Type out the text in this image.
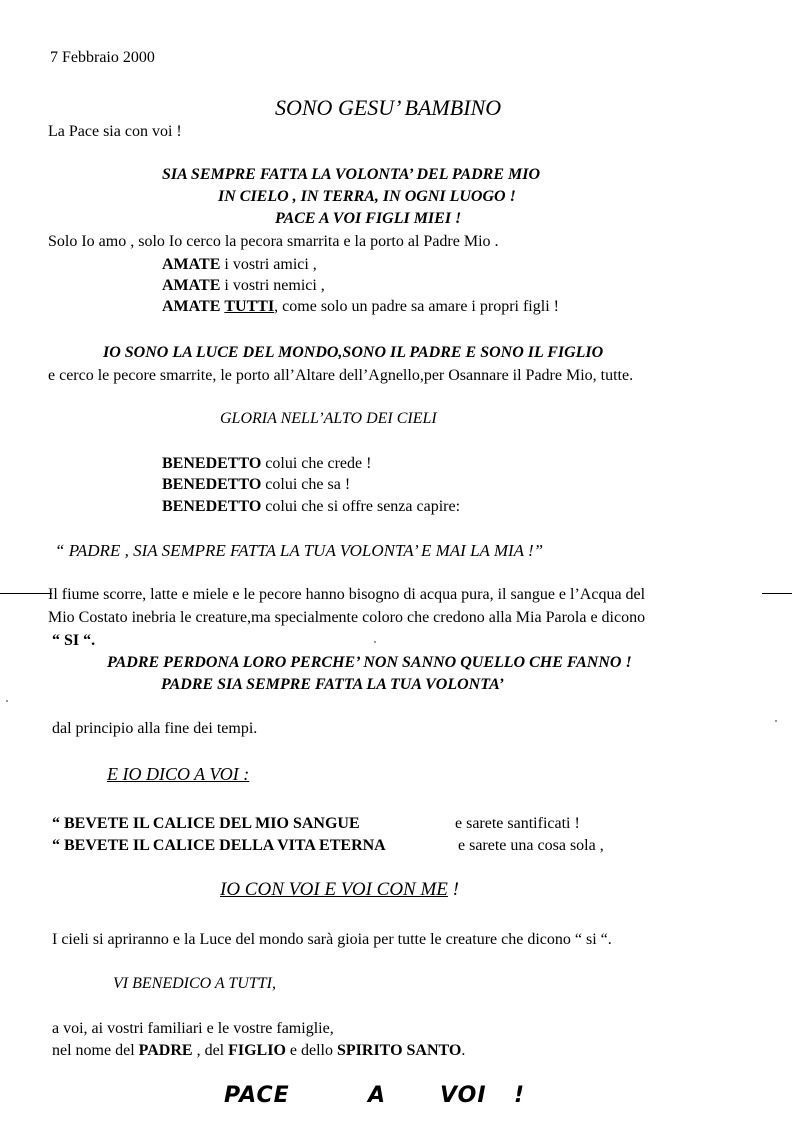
7 Febbraio 2000
SONO GESU’ BAMBINO
La Pace sia con voi !
SIA SEMPRE FATTA LA VOLONTA’ DEL PADRE MIO
IN CIELO , IN TERRA, IN OGNI LUOGO !
PACE A VOI FIGLI MIEI !
Solo Io amo , solo Io cerco la pecora smarrita e la porto al Padre Mio .
AMATE i vostri amici ,
AMATE i vostri nemici ,
AMATE TUTTI, come solo un padre sa amare i propri figli !
IO SONO LA LUCE DEL MONDO,SONO IL PADRE E SONO IL FIGLIO
e cerco le pecore smarrite, le porto all’Altare dell’Agnello,per Osannare il Padre Mio, tutte.
GLORIA NELL’ALTO DEI CIELI
BENEDETTO colui che crede !
BENEDETTO colui che sa !
BENEDETTO colui che si offre senza capire:
“ PADRE , SIA SEMPRE FATTA LA TUA VOLONTA’ E MAI LA MIA !”
Il fiume scorre, latte e miele e le pecore hanno bisogno di acqua pura, il sangue e l’Acqua del
Mio Costato inebria le creature,ma specialmente coloro che credono alla Mia Parola e dicono
“ SI “.
PADRE PERDONA LORO PERCHE’ NON SANNO QUELLO CHE FANNO !
PADRE SIA SEMPRE FATTA LA TUA VOLONTA’
dal principio alla fine dei tempi.
E IO DICO A VOI :
“ BEVETE IL CALICE DEL MIO SANGUE	e sarete santificati !
“ BEVETE IL CALICE DELLA VITA ETERNA	e sarete una cosa sola ,
IO CON VOI E VOI CON ME !
I cieli si apriranno e la Luce del mondo sarà gioia per tutte le creature che dicono “ si “.
VI BENEDICO A TUTTI,
a voi, ai vostri familiari e le vostre famiglie,
nel nome del PADRE , del FIGLIO e dello SPIRITO SANTO.
PACE	A VOI !
